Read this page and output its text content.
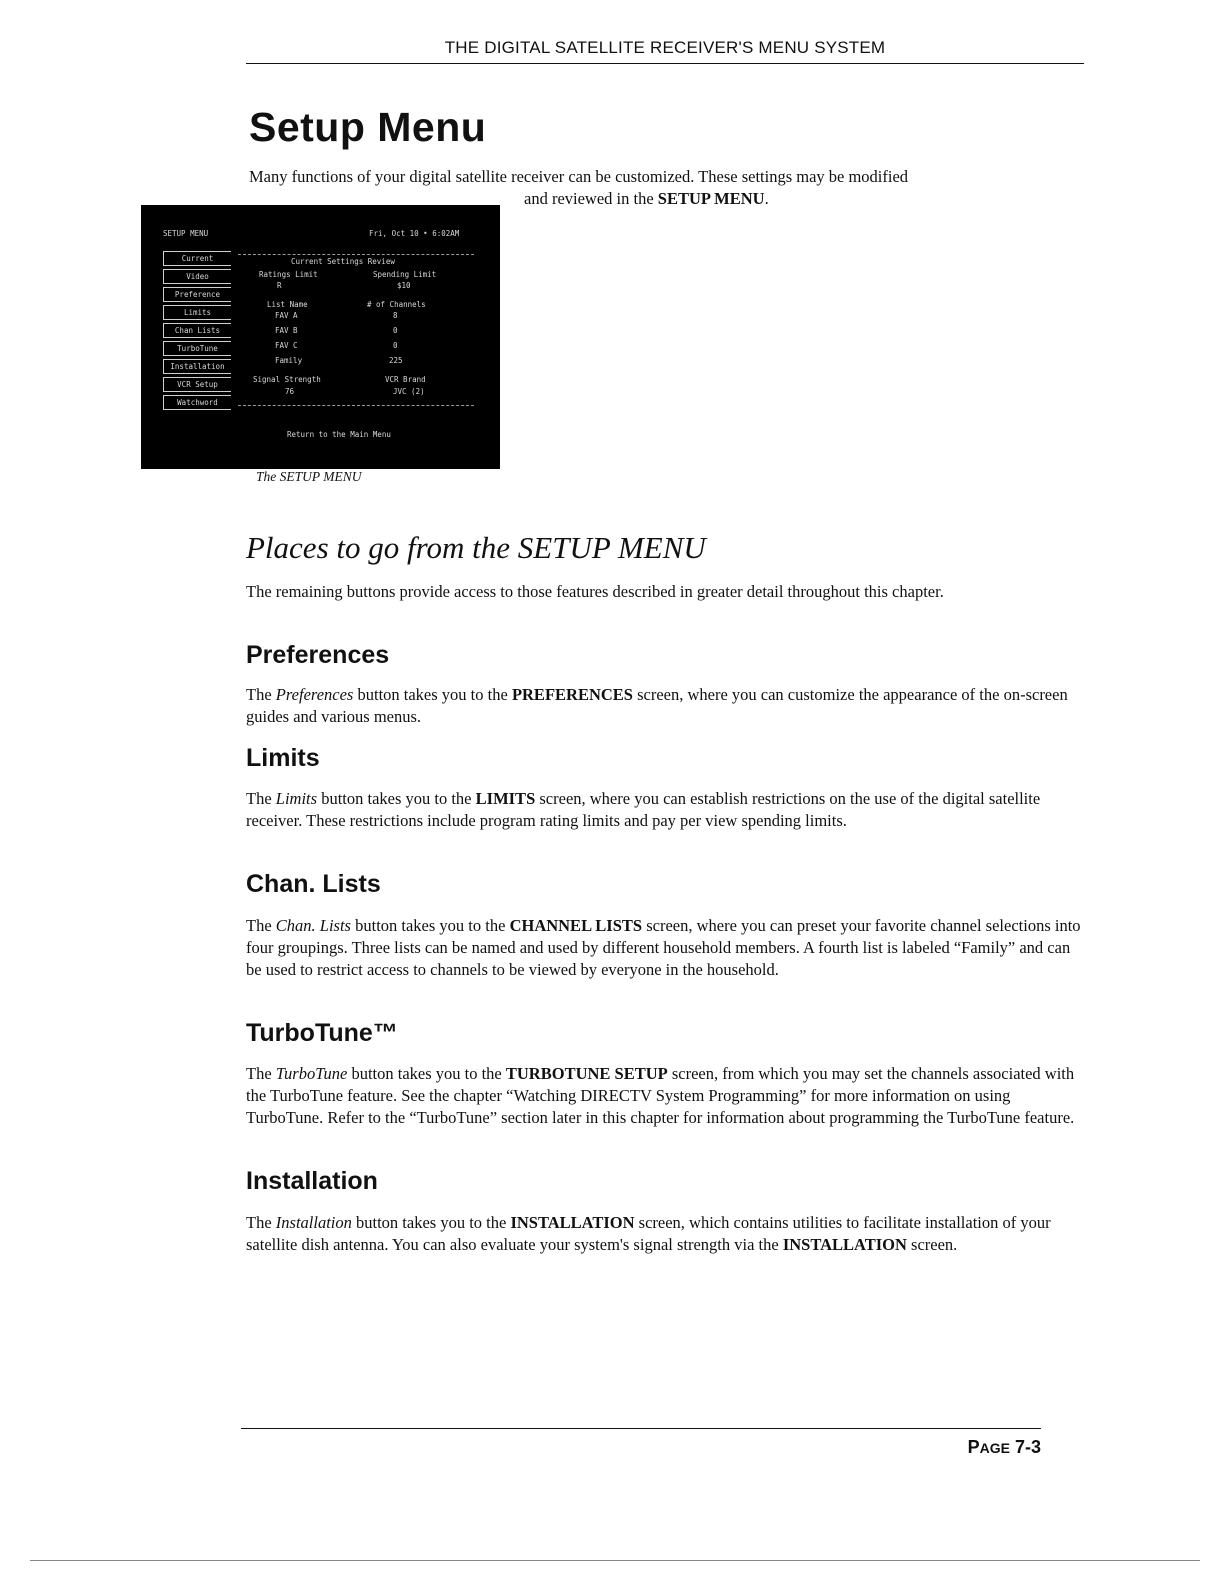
THE DIGITAL SATELLITE RECEIVER'S MENU SYSTEM
Setup Menu

Many functions of your digital satellite receiver can be customized. These settings may be modified
and reviewed in the SETUP MENU.

SETUP MENU	Fri, Oct 10 • 6:02AM
Current
Video
Preference
Limits
Chan Lists
TurboTune
Installation
VCR Setup
Watchword
Current Settings Review
Ratings Limit	Spending Limit
R	$10
List Name	# of Channels
FAV A	8
FAV B	0
FAV C	0
Family	225
Signal Strength	VCR Brand
76	JVC (2)
Return to the Main Menu

The SETUP MENU

Places to go from the SETUP MENU

The remaining buttons provide access to those features described in greater detail throughout this chapter.

Preferences

The Preferences button takes you to the PREFERENCES screen, where you can customize the appearance of the on-screen guides and various menus.

Limits

The Limits button takes you to the LIMITS screen, where you can establish restrictions on the use of the digital satellite receiver. These restrictions include program rating limits and pay per view spending limits.

Chan. Lists

The Chan. Lists button takes you to the CHANNEL LISTS screen, where you can preset your favorite channel selections into four groupings. Three lists can be named and used by different household members. A fourth list is labeled “Family” and can be used to restrict access to channels to be viewed by everyone in the household.

TurboTune™

The TurboTune button takes you to the TURBOTUNE SETUP screen, from which you may set the channels associated with the TurboTune feature. See the chapter “Watching DIRECTV System Programming” for more information on using TurboTune. Refer to the “TurboTune” section later in this chapter for information about programming the TurboTune feature.

Installation

The Installation button takes you to the INSTALLATION screen, which contains utilities to facilitate installation of your satellite dish antenna. You can also evaluate your system's signal strength via the INSTALLATION screen.

PAGE 7-3
